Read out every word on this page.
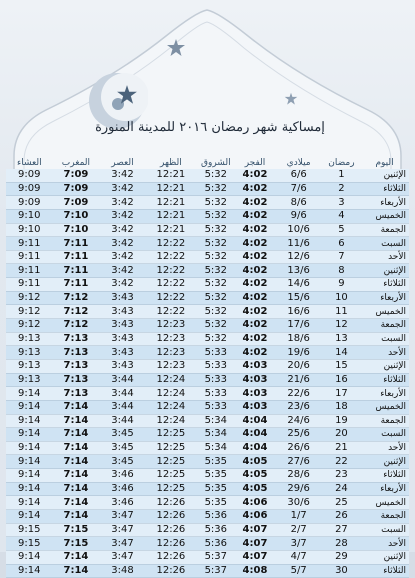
إمساكية شهر رمضان ٢٠١٦ للمدينة المنورة
اليوم	رمضان	ميلادي	الفجر	الشروق	الظهر	العصر	المغرب	العشاء
الإثنين	1	6/6	4:02	5:32	12:21	3:42	7:09	9:09
الثلاثاء	2	7/6	4:02	5:32	12:21	3:42	7:09	9:09
الأربعاء	3	8/6	4:02	5:32	12:21	3:42	7:09	9:09
الخميس	4	9/6	4:02	5:32	12:21	3:42	7:10	9:10
الجمعة	5	10/6	4:02	5:32	12:21	3:42	7:10	9:10
السبت	6	11/6	4:02	5:32	12:22	3:42	7:11	9:11
الأحد	7	12/6	4:02	5:32	12:22	3:42	7:11	9:11
الإثنين	8	13/6	4:02	5:32	12:22	3:42	7:11	9:11
الثلاثاء	9	14/6	4:02	5:32	12:22	3:42	7:11	9:11
الأربعاء	10	15/6	4:02	5:32	12:22	3:43	7:12	9:12
الخميس	11	16/6	4:02	5:32	12:22	3:43	7:12	9:12
الجمعة	12	17/6	4:02	5:32	12:23	3:43	7:12	9:12
السبت	13	18/6	4:02	5:32	12:23	3:43	7:13	9:13
الأحد	14	19/6	4:02	5:33	12:23	3:43	7:13	9:13
الإثنين	15	20/6	4:03	5:33	12:23	3:43	7:13	9:13
الثلاثاء	16	21/6	4:03	5:33	12:24	3:44	7:13	9:13
الأربعاء	17	22/6	4:03	5:33	12:24	3:44	7:13	9:14
الخميس	18	23/6	4:03	5:33	12:24	3:44	7:14	9:14
الجمعة	19	24/6	4:04	5:34	12:24	3:44	7:14	9:14
السبت	20	25/6	4:04	5:34	12:25	3:45	7:14	9:14
الأحد	21	26/6	4:04	5:34	12:25	3:45	7:14	9:14
الإثنين	22	27/6	4:05	5:35	12:25	3:45	7:14	9:14
الثلاثاء	23	28/6	4:05	5:35	12:25	3:46	7:14	9:14
الأربعاء	24	29/6	4:05	5:35	12:25	3:46	7:14	9:14
الخميس	25	30/6	4:06	5:35	12:26	3:46	7:14	9:14
الجمعة	26	1/7	4:06	5:36	12:26	3:47	7:14	9:14
السبت	27	2/7	4:07	5:36	12:26	3:47	7:15	9:15
الأحد	28	3/7	4:07	5:36	12:26	3:47	7:15	9:15
الإثنين	29	4/7	4:07	5:37	12:26	3:47	7:14	9:14
الثلاثاء	30	5/7	4:08	5:37	12:26	3:48	7:14	9:14
